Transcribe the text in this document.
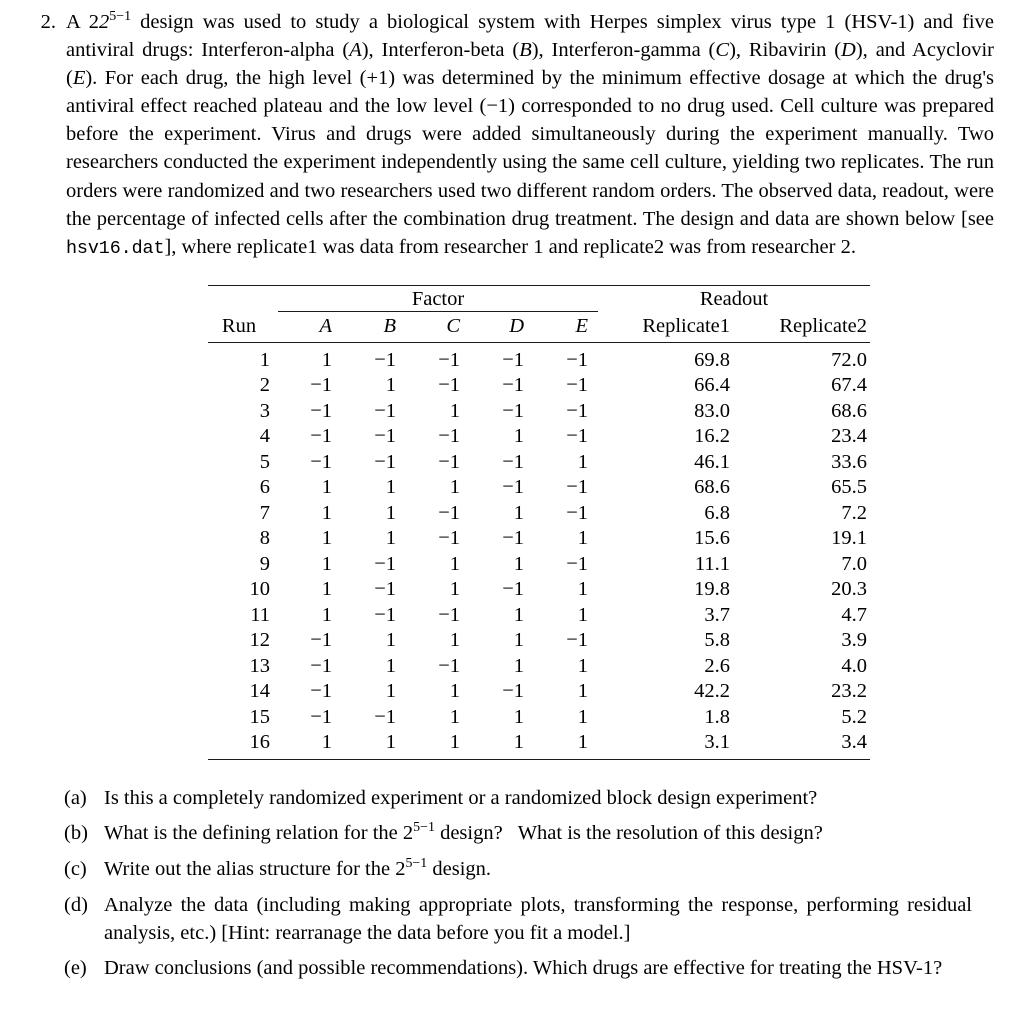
2. A $22^{5-1}$ design was used to study a biological system with Herpes simplex virus type 1 (HSV-1) and five antiviral drugs: Interferon-alpha (A), Interferon-beta (B), Interferon-gamma (C), Ribavirin (D), and Acyclovir (E). For each drug, the high level (+1) was determined by the minimum effective dosage at which the drug's antiviral effect reached plateau and the low level (−1) corresponded to no drug used. Cell culture was prepared before the experiment. Virus and drugs were added simultaneously during the experiment manually. Two researchers conducted the experiment independently using the same cell culture, yielding two replicates. The run orders were randomized and two researchers used two different random orders. The observed data, readout, were the percentage of infected cells after the combination drug treatment. The design and data are shown below [see hsv16.dat], where replicate1 was data from researcher 1 and replicate2 was from researcher 2.
	Factor					Readout	
Run	A	B	C	D	E	Replicate1	Replicate2
1	1	−1	−1	−1	−1	69.8	72.0
2	−1	1	−1	−1	−1	66.4	67.4
3	−1	−1	1	−1	−1	83.0	68.6
4	−1	−1	−1	1	−1	16.2	23.4
5	−1	−1	−1	−1	1	46.1	33.6
6	1	1	1	−1	−1	68.6	65.5
7	1	1	−1	1	−1	6.8	7.2
8	1	1	−1	−1	1	15.6	19.1
9	1	−1	1	1	−1	11.1	7.0
10	1	−1	1	−1	1	19.8	20.3
11	1	−1	−1	1	1	3.7	4.7
12	−1	1	1	1	−1	5.8	3.9
13	−1	1	−1	1	1	2.6	4.0
14	−1	1	1	−1	1	42.2	23.2
15	−1	−1	1	1	1	1.8	5.2
16	1	1	1	1	1	3.1	3.4
(a) Is this a completely randomized experiment or a randomized block design experiment?
(b) What is the defining relation for the $2^{5-1}$ design?  What is the resolution of this design?
(c) Write out the alias structure for the $2^{5-1}$ design.
(d) Analyze the data (including making appropriate plots, transforming the response, performing residual analysis, etc.) [Hint: rearranage the data before you fit a model.]
(e) Draw conclusions (and possible recommendations). Which drugs are effective for treating the HSV-1?
